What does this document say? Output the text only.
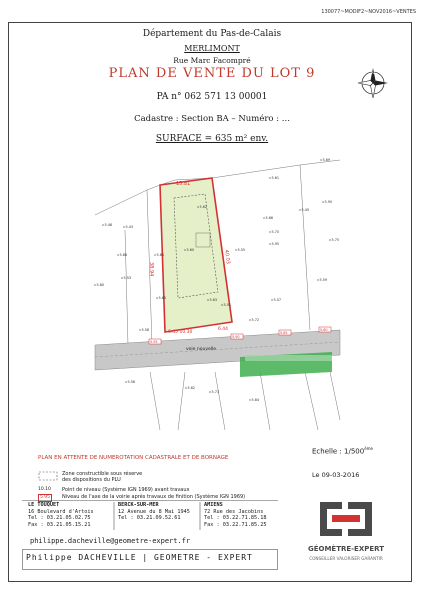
130077~MODIF2~NOV2016~VENTES
Département du Pas-de-Calais
MERLIMONT
Rue Marc Facompré
PLAN DE VENTE DU LOT 9
PA n° 062 571 13 00001
Cadastre : Section BA – Numéro : ...
SURFACE = 635 m² env.
N
15.81
38.94
40.03
6.45 10.30
6.44
voie nouvelle
5.69
5.90
5.61
5.48
5.45
5.43
5.64
5.62
5.60
5.63
5.55
5.66
5.70
5.95
5.51
5.80
5.65
5.58
5.72
5.75
5.59
5.68
5.53
5.57
5.56
5.62
5.73
5.84
5.95
5.90
5.85
5.80
PLAN EN ATTENTE DE NUMEROTATION CADASTRALE ET DE BORNAGE
Zone constructible sous réserve
des dispositions du PLU
10.10 Point de niveau (Système IGN 1969) avant travaux
5.95	Niveau de l'axe de la voirie après travaux de finition (Système IGN 1969)
Echelle : 1/500ème
Le 09-03-2016
LE TOUQUET
16 Boulevard d'Artois
Tel : 03.21.05.02.75
Fax : 03.21.05.15.21
BERCK-SUR-MER
12 Avenue du 8 Mai 1945
Tel : 03.21.09.52.61
AMIENS
72 Rue des Jacobins
Tel : 03.22.71.85.18
Fax : 03.22.71.85.25
philippe.dacheville@geometre-expert.fr
Philippe DACHEVILLE | GEOMETRE - EXPERT
GÉOMÈTRE-EXPERT
CONSEILLER VALORISER GARANTIR
